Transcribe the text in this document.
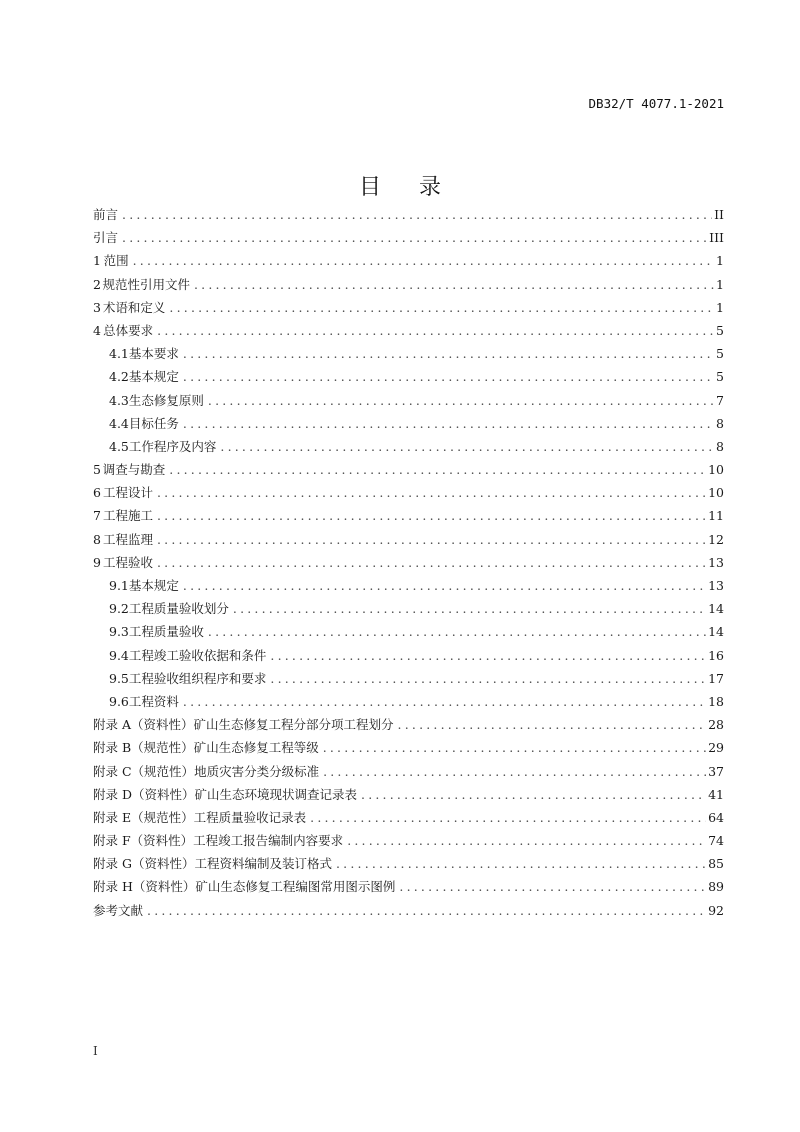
DB32/T 4077.1-2021
目录
前言 .....	II
引言 .....	III
1 范围 .....	1
2 规范性引用文件 .....	1
3 术语和定义 .....	1
4 总体要求 .....	5
4.1 基本要求 .....	5
4.2 基本规定 .....	5
4.3 生态修复原则 .....	7
4.4 目标任务 .....	8
4.5 工作程序及内容 .....	8
5 调查与勘查 .....	10
6 工程设计 .....	10
7 工程施工 .....	11
8 工程监理 .....	12
9 工程验收 .....	13
9.1 基本规定 .....	13
9.2 工程质量验收划分 .....	14
9.3 工程质量验收 .....	14
9.4 工程竣工验收依据和条件 .....	16
9.5 工程验收组织程序和要求 .....	17
9.6 工程资料 .....	18
附录 A （资料性） 矿山生态修复工程分部分项工程划分 .....	28
附录 B （规范性） 矿山生态修复工程等级 .....	29
附录 C （规范性） 地质灾害分类分级标准 .....	37
附录 D （资料性） 矿山生态环境现状调查记录表 .....	41
附录 E （规范性） 工程质量验收记录表 .....	64
附录 F （资料性） 工程竣工报告编制内容要求 .....	74
附录 G （资料性） 工程资料编制及装订格式 .....	85
附录 H （资料性） 矿山生态修复工程编图常用图示图例 .....	89
参考文献 .....	92
I
